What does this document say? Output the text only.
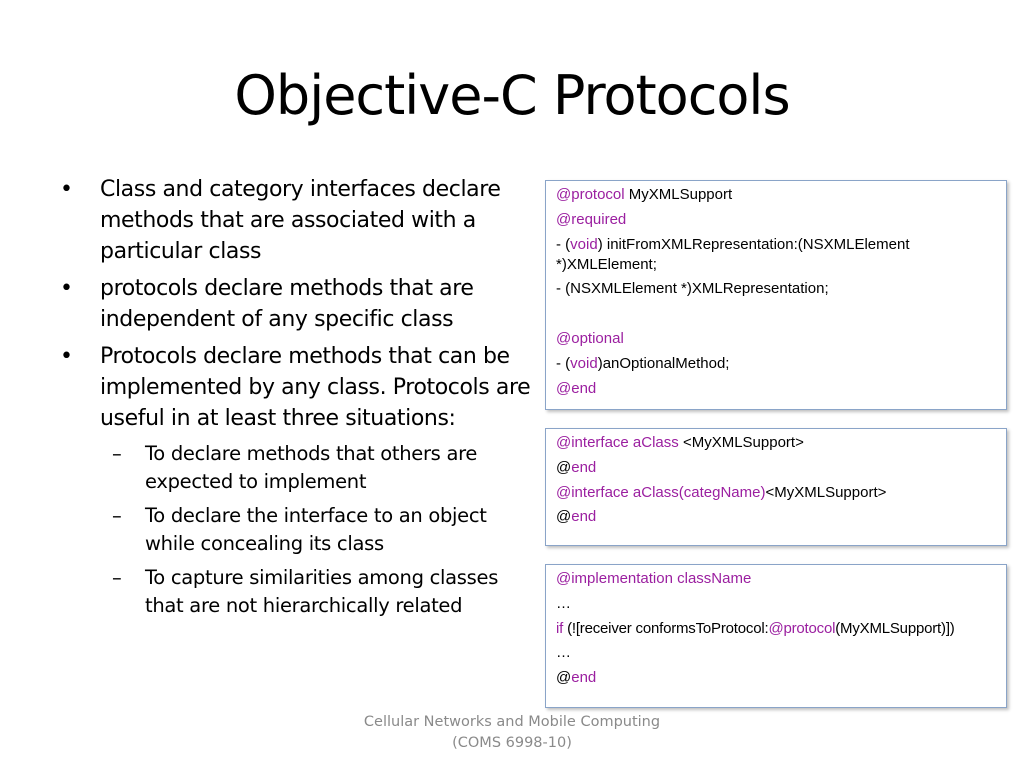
Objective-C Protocols
• Class and category interfaces declare methods that are associated with a particular class
• protocols declare methods that are independent of any specific class
• Protocols declare methods that can be implemented by any class. Protocols are useful in at least three situations:
– To declare methods that others are expected to implement
– To declare the interface to an object while concealing its class
– To capture similarities among classes that are not hierarchically related

@protocol MyXMLSupport

@required

- (void) initFromXMLRepresentation:(NSXMLElement *)XMLElement;

- (NSXMLElement *)XMLRepresentation;

@optional

- (void)anOptionalMethod;

@end

@interface aClass <MyXMLSupport>

@end

@interface aClass(categName)<MyXMLSupport>

@end

@implementation className

…

if (![receiver conformsToProtocol:@protocol(MyXMLSupport)])

…

@end

Cellular Networks and Mobile Computing
(COMS 6998-10)
